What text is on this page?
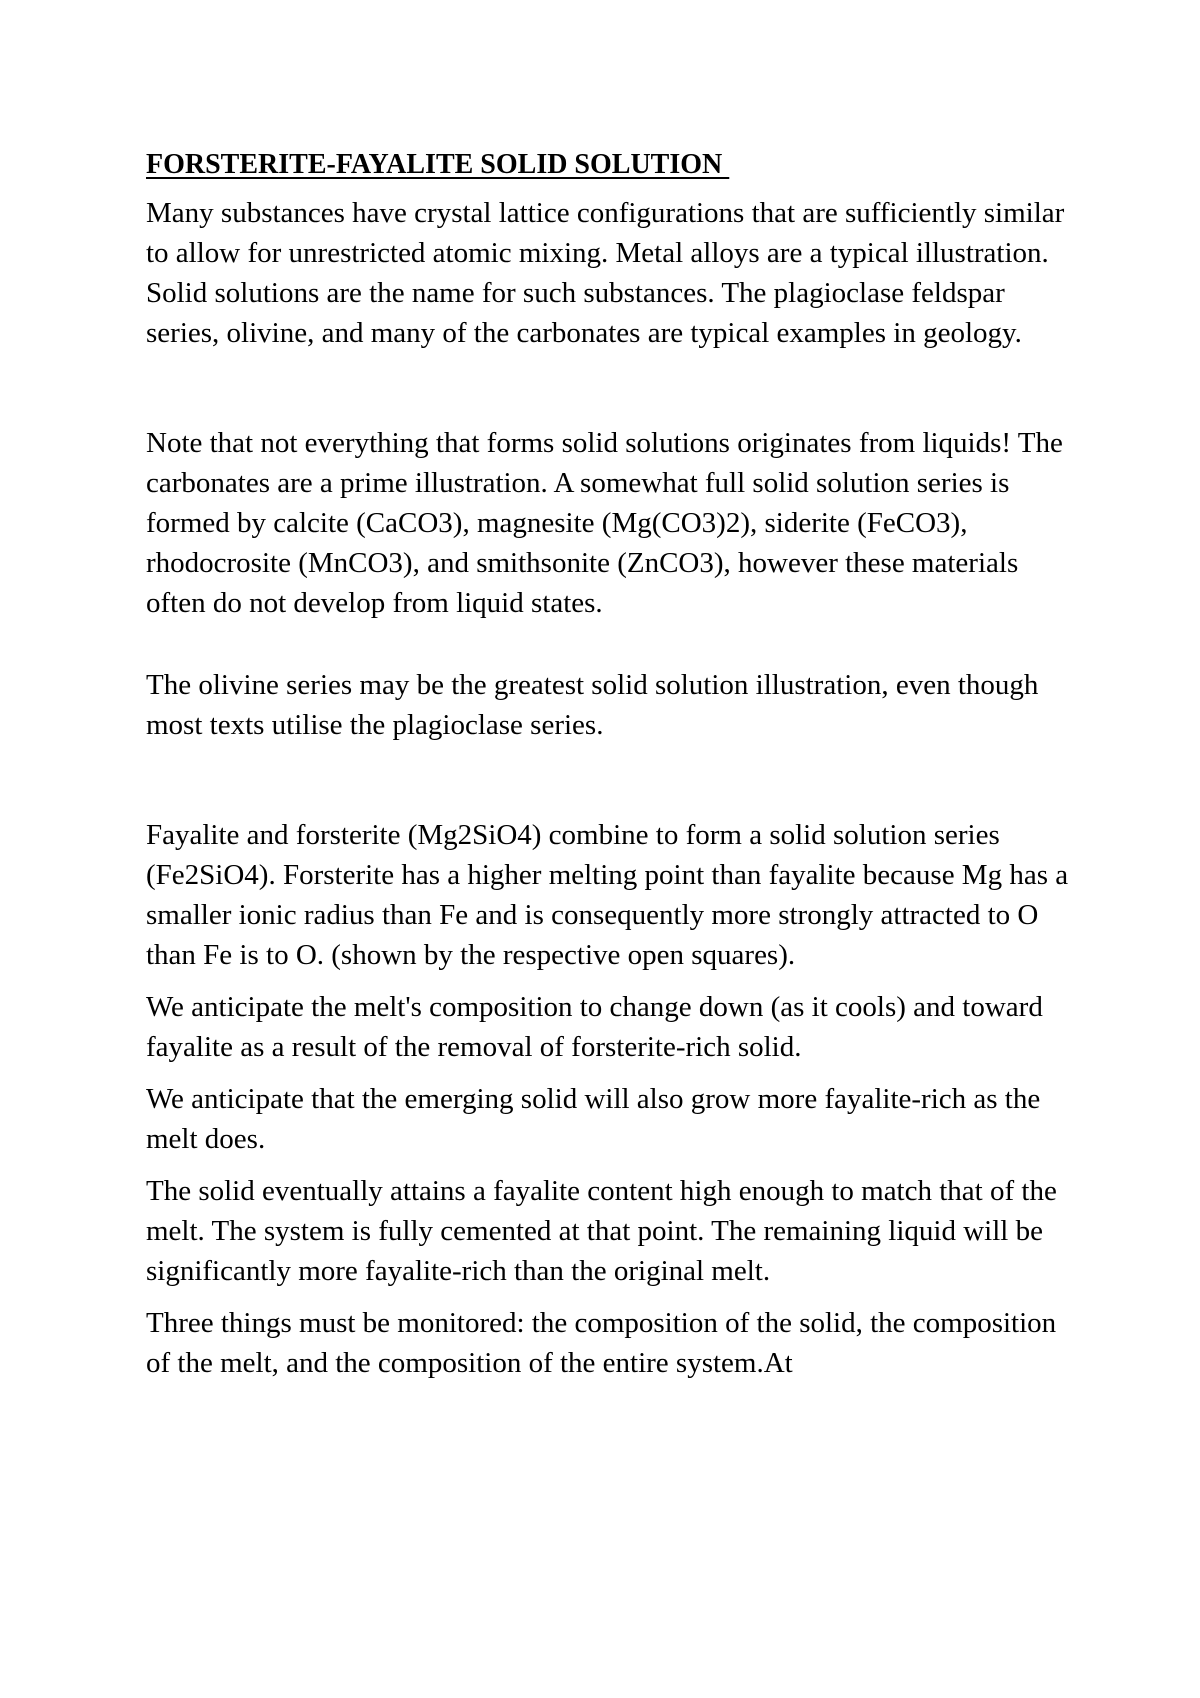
FORSTERITE-FAYALITE SOLID SOLUTION

Many substances have crystal lattice configurations that are sufficiently similar to allow for unrestricted atomic mixing. Metal alloys are a typical illustration. Solid solutions are the name for such substances. The plagioclase feldspar series, olivine, and many of the carbonates are typical examples in geology.

Note that not everything that forms solid solutions originates from liquids! The carbonates are a prime illustration. A somewhat full solid solution series is formed by calcite (CaCO3), magnesite (Mg(CO3)2), siderite (FeCO3), rhodocrosite (MnCO3), and smithsonite (ZnCO3), however these materials often do not develop from liquid states.

The olivine series may be the greatest solid solution illustration, even though most texts utilise the plagioclase series.

Fayalite and forsterite (Mg2SiO4) combine to form a solid solution series (Fe2SiO4). Forsterite has a higher melting point than fayalite because Mg has a smaller ionic radius than Fe and is consequently more strongly attracted to O than Fe is to O. (shown by the respective open squares).

We anticipate the melt's composition to change down (as it cools) and toward fayalite as a result of the removal of forsterite-rich solid.

We anticipate that the emerging solid will also grow more fayalite-rich as the melt does.

The solid eventually attains a fayalite content high enough to match that of the melt. The system is fully cemented at that point. The remaining liquid will be significantly more fayalite-rich than the original melt.

Three things must be monitored: the composition of the solid, the composition of the melt, and the composition of the entire system.At
